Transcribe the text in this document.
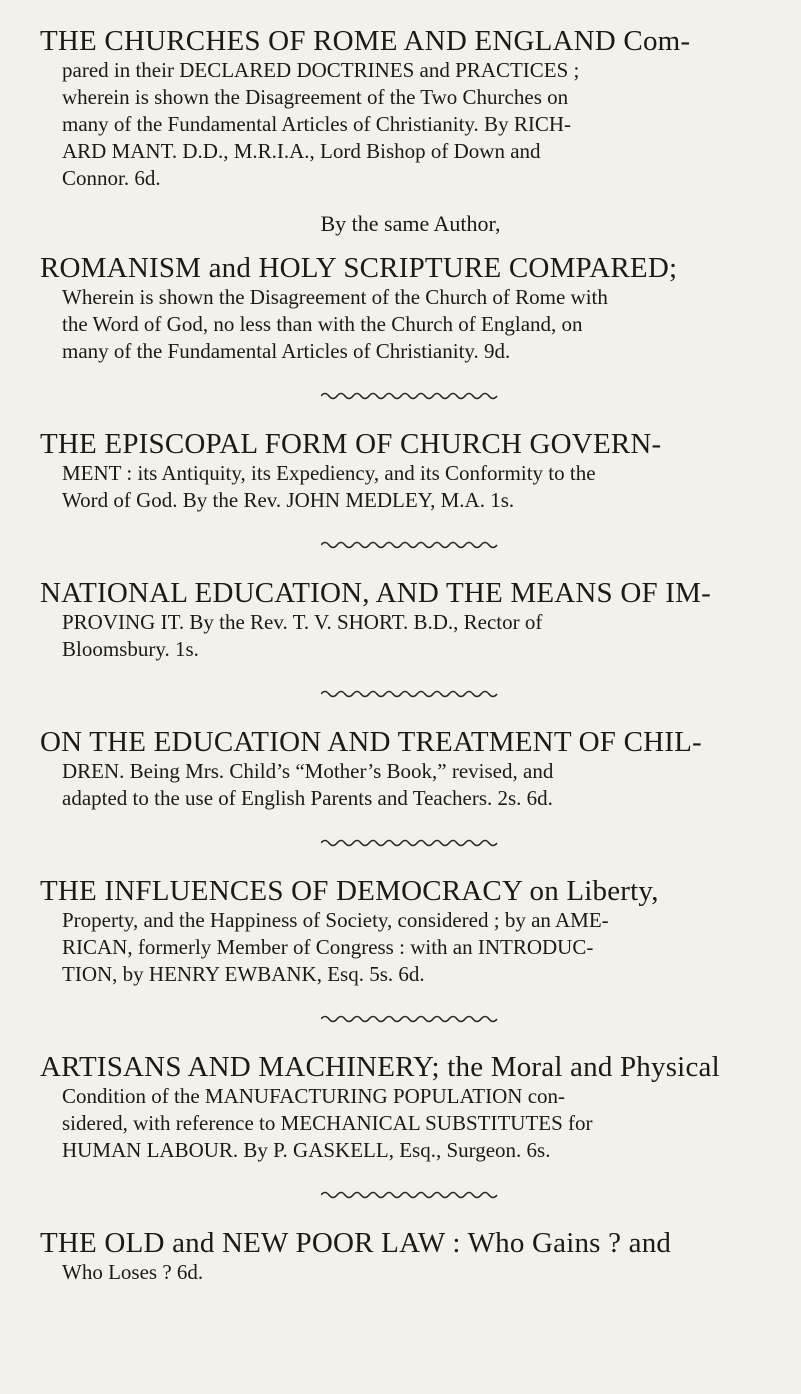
THE CHURCHES OF ROME AND ENGLAND Com-

pared in their DECLARED DOCTRINES and PRACTICES ;

wherein is shown the Disagreement of the Two Churches on

many of the Fundamental Articles of Christianity. By RICH-

ARD MANT. D.D., M.R.I.A., Lord Bishop of Down and

Connor. 6d.

By the same Author,

ROMANISM and HOLY SCRIPTURE COMPARED;

Wherein is shown the Disagreement of the Church of Rome with

the Word of God, no less than with the Church of England, on

many of the Fundamental Articles of Christianity. 9d.

THE EPISCOPAL FORM OF CHURCH GOVERN-

MENT : its Antiquity, its Expediency, and its Conformity to the

Word of God. By the Rev. JOHN MEDLEY, M.A. 1s.

NATIONAL EDUCATION, AND THE MEANS OF IM-

PROVING IT. By the Rev. T. V. SHORT. B.D., Rector of

Bloomsbury. 1s.

ON THE EDUCATION AND TREATMENT OF CHIL-

DREN. Being Mrs. Child’s “Mother’s Book,” revised, and

adapted to the use of English Parents and Teachers. 2s. 6d.

THE INFLUENCES OF DEMOCRACY on Liberty,

Property, and the Happiness of Society, considered ; by an AME-

RICAN, formerly Member of Congress : with an INTRODUC-

TION, by HENRY EWBANK, Esq. 5s. 6d.

ARTISANS AND MACHINERY; the Moral and Physical

Condition of the MANUFACTURING POPULATION con-

sidered, with reference to MECHANICAL SUBSTITUTES for

HUMAN LABOUR. By P. GASKELL, Esq., Surgeon. 6s.

THE OLD and NEW POOR LAW : Who Gains ? and

Who Loses ? 6d.
